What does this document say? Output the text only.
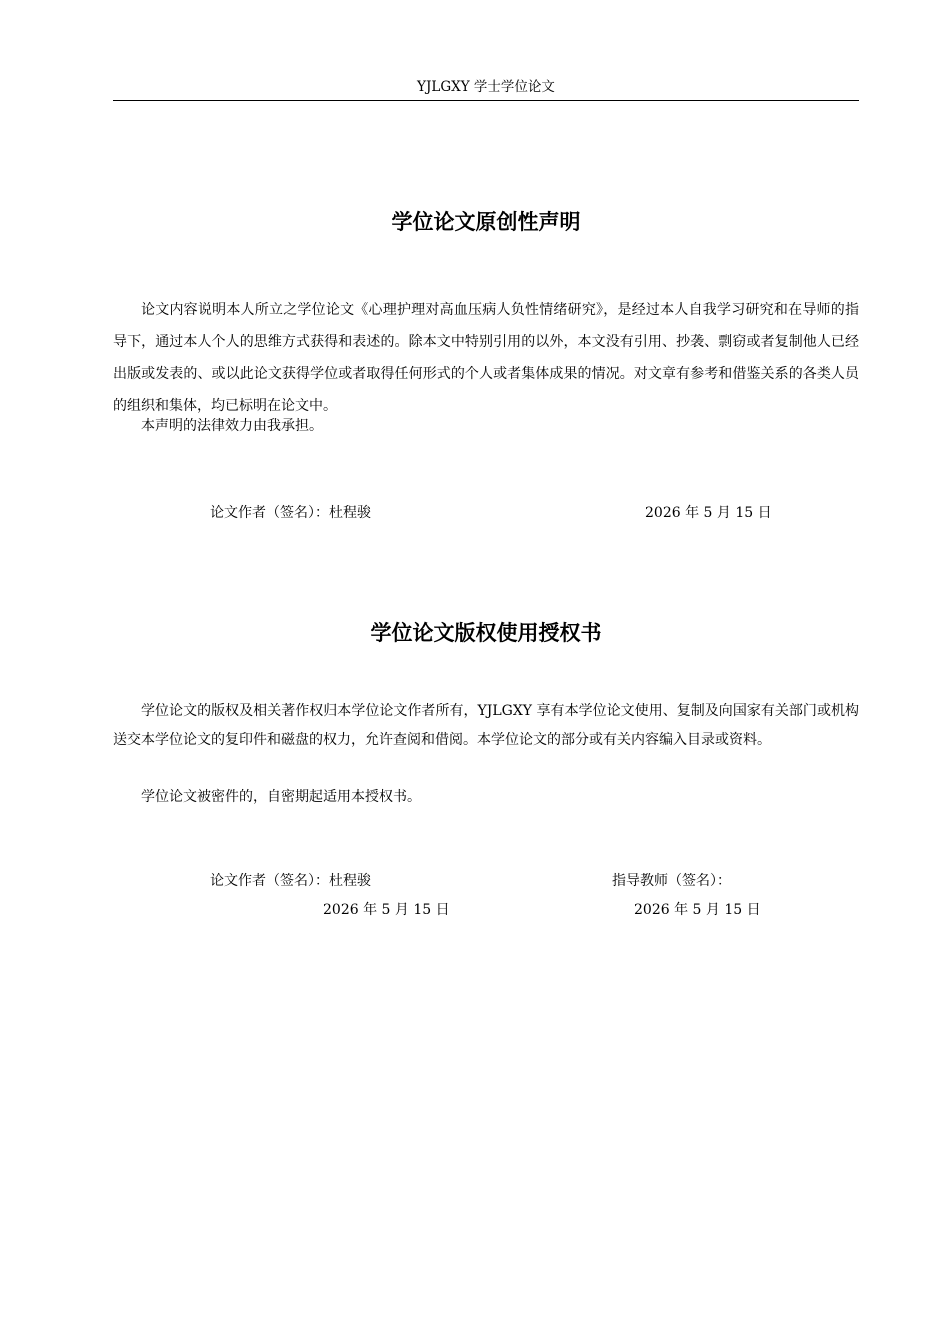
YJLGXY 学士学位论文
学位论文原创性声明

论文内容说明本人所立之学位论文《心理护理对高血压病人负性情绪研究》，是经过本人自我学习研究和在导师的指导下，通过本人个人的思维方式获得和表述的。除本文中特别引用的以外，本文没有引用、抄袭、剽窃或者复制他人已经出版或发表的、或以此论文获得学位或者取得任何形式的个人或者集体成果的情况。对文章有参考和借鉴关系的各类人员的组织和集体，均已标明在论文中。

本声明的法律效力由我承担。

论文作者（签名）：杜程骏	2026 年 5 月 15 日
学位论文版权使用授权书

学位论文的版权及相关著作权归本学位论文作者所有，YJLGXY 享有本学位论文使用、复制及向国家有关部门或机构送交本学位论文的复印件和磁盘的权力，允许查阅和借阅。本学位论文的部分或有关内容编入目录或资料。

学位论文被密件的，自密期起适用本授权书。

论文作者（签名）：杜程骏	指导教师（签名）：
2026 年 5 月 15 日	2026 年 5 月 15 日
